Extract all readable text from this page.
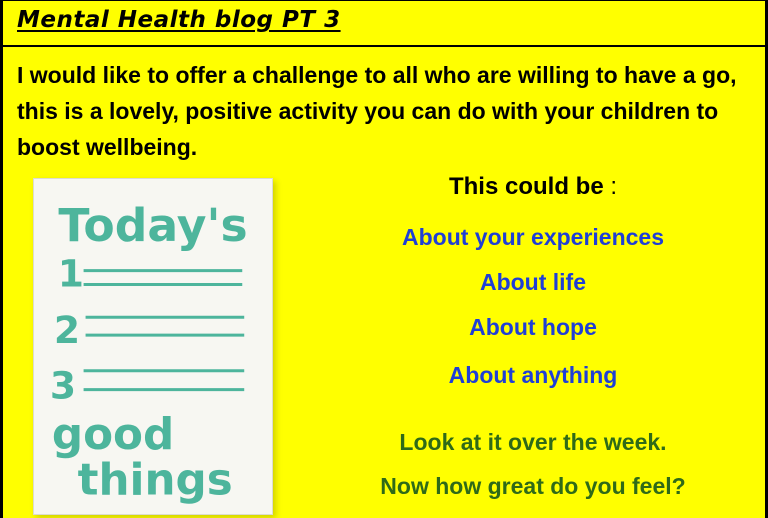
Mental Health blog PT 3
I would like to offer a challenge to all who are willing to have a go, this is a lovely, positive activity you can do with your children to boost wellbeing.
Today's
1
2
3
good
things
This could be :
About your experiences
About life
About hope
About anything
Look at it over the week.
Now how great do you feel?
